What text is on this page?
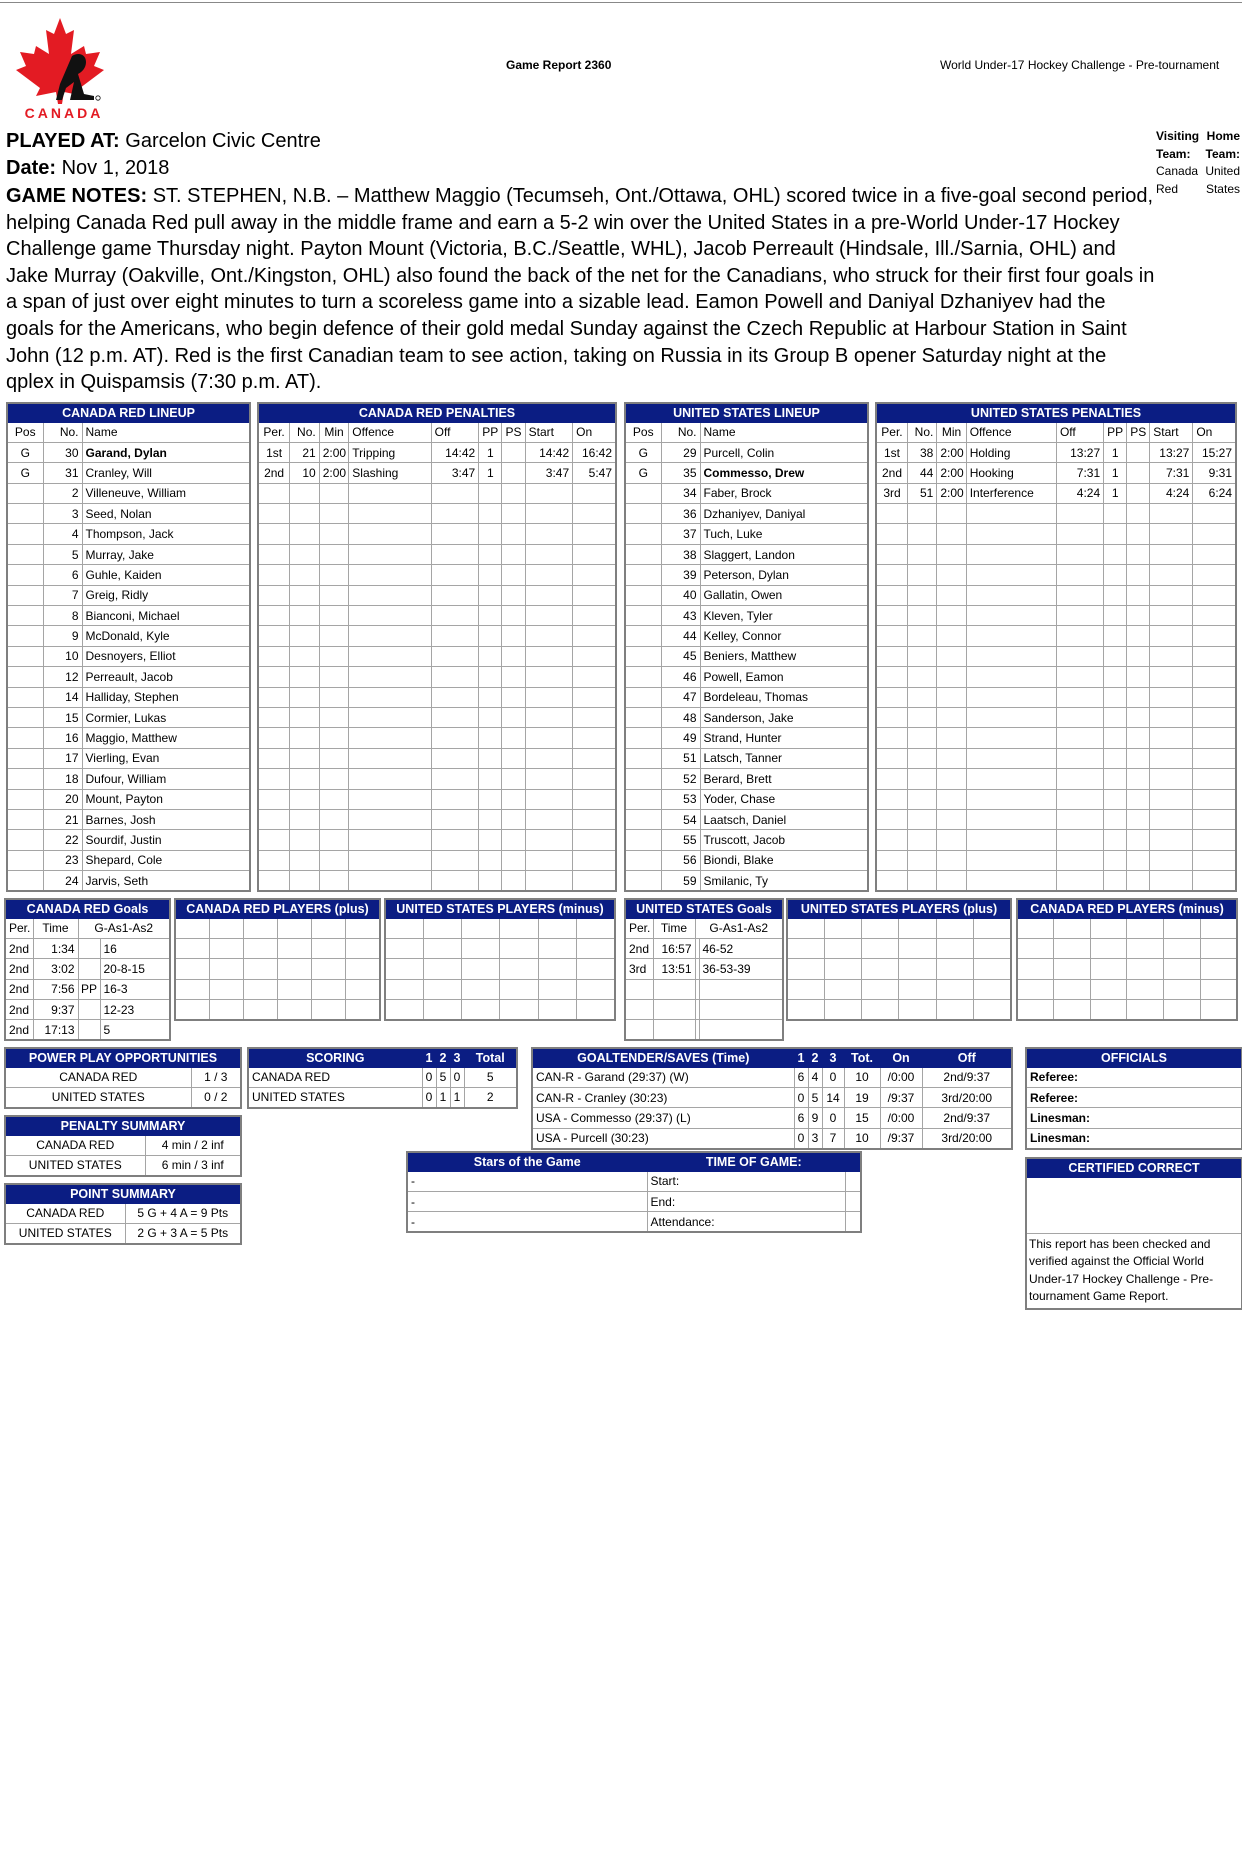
CANADA
Game Report 2360	World Under-17 Hockey Challenge - Pre-tournament
PLAYED AT: Garcelon Civic Centre
Date: Nov 1, 2018
GAME NOTES: ST. STEPHEN, N.B. – Matthew Maggio (Tecumseh, Ont./Ottawa, OHL) scored twice in a five-goal second period, helping Canada Red pull away in the middle frame and earn a 5-2 win over the United States in a pre-World Under-17 Hockey Challenge game Thursday night. Payton Mount (Victoria, B.C./Seattle, WHL), Jacob Perreault (Hindsale, Ill./Sarnia, OHL) and Jake Murray (Oakville, Ont./Kingston, OHL) also found the back of the net for the Canadians, who struck for their first four goals in a span of just over eight minutes to turn a scoreless game into a sizable lead. Eamon Powell and Daniyal Dzhaniyev had the goals for the Americans, who begin defence of their gold medal Sunday against the Czech Republic at Harbour Station in Saint John (12 p.m. AT). Red is the first Canadian team to see action, taking on Russia in its Group B opener Saturday night at the qplex in Quispamsis (7:30 p.m. AT).
Visiting Team:
Canada Red
Home Team:
United States
CANADA RED LINEUP		
Pos	No.	Name
G	30	Garand, Dylan
G	31	Cranley, Will
	2	Villeneuve, William
	3	Seed, Nolan
	4	Thompson, Jack
	5	Murray, Jake
	6	Guhle, Kaiden
	7	Greig, Ridly
	8	Bianconi, Michael
	9	McDonald, Kyle
	10	Desnoyers, Elliot
	12	Perreault, Jacob
	14	Halliday, Stephen
	15	Cormier, Lukas
	16	Maggio, Matthew
	17	Vierling, Evan
	18	Dufour, William
	20	Mount, Payton
	21	Barnes, Josh
	22	Sourdif, Justin
	23	Shepard, Cole
	24	Jarvis, Seth
CANADA RED PENALTIES								
Per.	No.	Min	Offence	Off	PP	PS	Start	On
1st	21	2:00	Tripping	14:42	1		14:42	16:42
2nd	10	2:00	Slashing	3:47	1		3:47	5:47

UNITED STATES LINEUP		
Pos	No.	Name
G	29	Purcell, Colin
G	35	Commesso, Drew
	34	Faber, Brock
	36	Dzhaniyev, Daniyal
	37	Tuch, Luke
	38	Slaggert, Landon
	39	Peterson, Dylan
	40	Gallatin, Owen
	43	Kleven, Tyler
	44	Kelley, Connor
	45	Beniers, Matthew
	46	Powell, Eamon
	47	Bordeleau, Thomas
	48	Sanderson, Jake
	49	Strand, Hunter
	51	Latsch, Tanner
	52	Berard, Brett
	53	Yoder, Chase
	54	Laatsch, Daniel
	55	Truscott, Jacob
	56	Biondi, Blake
	59	Smilanic, Ty
UNITED STATES PENALTIES								
Per.	No.	Min	Offence	Off	PP	PS	Start	On
1st	38	2:00	Holding	13:27	1		13:27	15:27
2nd	44	2:00	Hooking	7:31	1		7:31	9:31
3rd	51	2:00	Interference	4:24	1		4:24	6:24

CANADA RED Goals			
Per.	Time	G-As1-As2	
2nd	1:34		16
2nd	3:02		20-8-15
2nd	7:56	PP	16-3
2nd	9:37		12-23
2nd	17:13		5
CANADA RED PLAYERS (plus)					

					UNITED STATES PLAYERS (minus)					

						UNITED STATES Goals			
Per.	Time	G-As1-As2	
2nd	16:57		46-52
3rd	13:51		36-53-39

UNITED STATES PLAYERS (plus)					

						CANADA RED PLAYERS (minus)					

POWER PLAY OPPORTUNITIES	
CANADA RED	1 / 3
UNITED STATES	0 / 2
PENALTY SUMMARY	
CANADA RED	4 min / 2 inf
UNITED STATES	6 min / 3 inf
POINT SUMMARY	
CANADA RED	5 G + 4 A = 9 Pts
UNITED STATES	2 G + 3 A = 5 Pts
SCORING	1	2	3	Total
CANADA RED	0	5	0	5
UNITED STATES	0	1	1	2
GOALTENDER/SAVES (Time)	1	2	3	Tot.	On	Off
CAN-R - Garand (29:37) (W)	6	4	0	10	/0:00	2nd/9:37
CAN-R - Cranley (30:23)	0	5	14	19	/9:37	3rd/20:00
USA - Commesso (29:37) (L)	6	9	0	15	/0:00	2nd/9:37
USA - Purcell (30:23)	0	3	7	10	/9:37	3rd/20:00
Stars of the Game	TIME OF GAME:	
-	Start:	
-	End:	
-	Attendance:	
OFFICIALS
Referee:
Referee:
Linesman:
Linesman:
CERTIFIED CORRECT

This report has been checked and verified against the Official World Under-17 Hockey Challenge - Pre-tournament Game Report.
